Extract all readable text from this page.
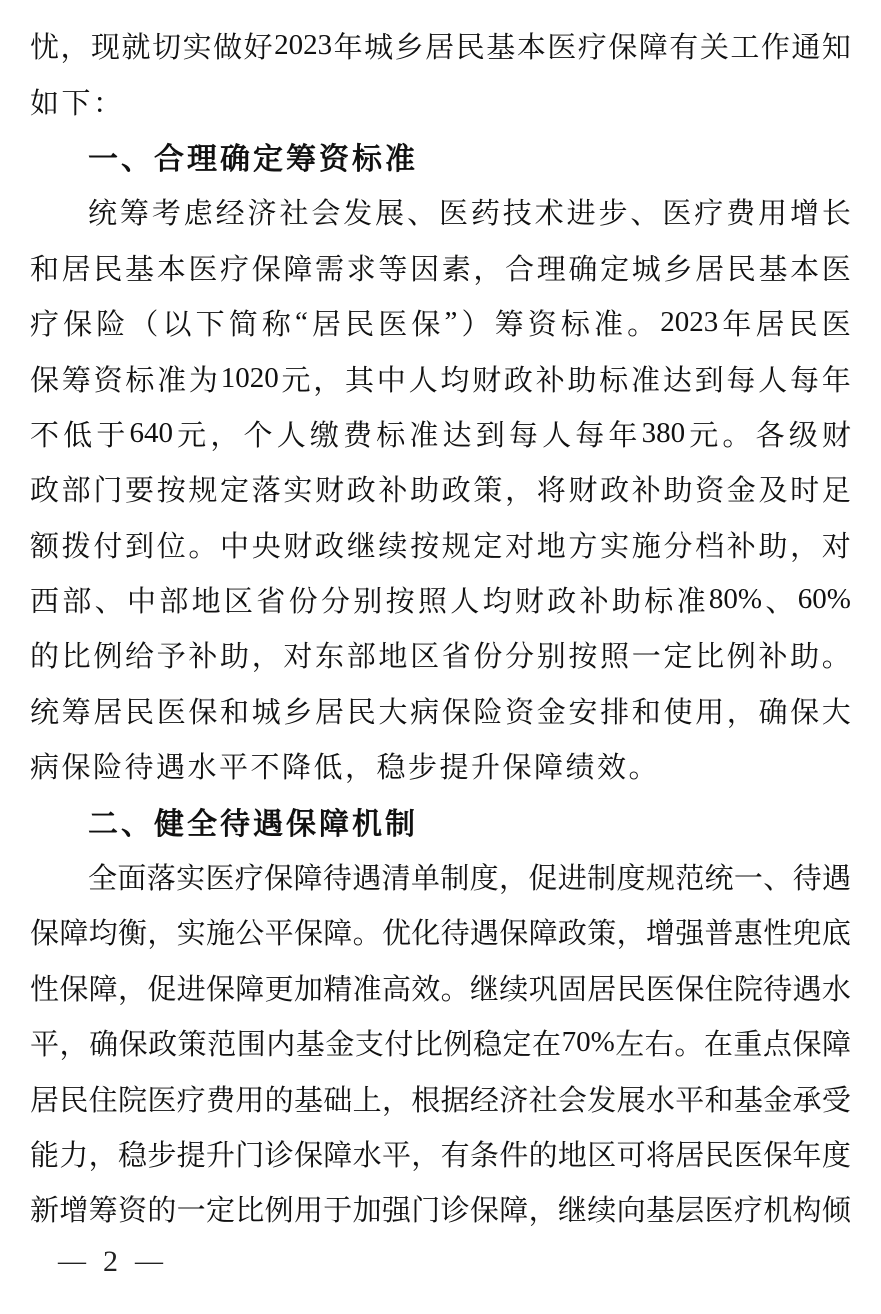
忧 ， 现 就 切 实 做 好 2023 年 城 乡 居 民 基 本 医 疗 保 障 有 关 工 作 通 知
如下：
一、合理确定筹资标准
统 筹 考 虑 经 济 社 会 发 展 、 医 药 技 术 进 步 、 医 疗 费 用 增 长
和 居 民 基 本 医 疗 保 障 需 求 等 因 素 ， 合 理 确 定 城 乡 居 民 基 本 医
疗 保 险 （ 以 下 简 称 “ 居 民 医 保 ” ） 筹 资 标 准 。 2023 年 居 民 医
保 筹 资 标 准 为 1020 元 ， 其 中 人 均 财 政 补 助 标 准 达 到 每 人 每 年
不 低 于 640 元 ， 个 人 缴 费 标 准 达 到 每 人 每 年 380 元 。 各 级 财
政 部 门 要 按 规 定 落 实 财 政 补 助 政 策 ， 将 财 政 补 助 资 金 及 时 足
额 拨 付 到 位 。 中 央 财 政 继 续 按 规 定 对 地 方 实 施 分 档 补 助 ， 对
西 部 、 中 部 地 区 省 份 分 别 按 照 人 均 财 政 补 助 标 准 80% 、 60%
的 比 例 给 予 补 助 ， 对 东 部 地 区 省 份 分 别 按 照 一 定 比 例 补 助 。
统 筹 居 民 医 保 和 城 乡 居 民 大 病 保 险 资 金 安 排 和 使 用 ， 确 保 大
病保险待遇水平不降低，稳步提升保障绩效。
二、健全待遇保障机制
全 面 落 实 医 疗 保 障 待 遇 清 单 制 度 ， 促 进 制 度 规 范 统 一 、 待 遇
保 障 均 衡 ， 实 施 公 平 保 障 。 优 化 待 遇 保 障 政 策 ， 增 强 普 惠 性 兜 底
性 保 障 ， 促 进 保 障 更 加 精 准 高 效 。 继 续 巩 固 居 民 医 保 住 院 待 遇 水
平 ， 确 保 政 策 范 围 内 基 金 支 付 比 例 稳 定 在 70% 左 右 。 在 重 点 保 障
居 民 住 院 医 疗 费 用 的 基 础 上 ， 根 据 经 济 社 会 发 展 水 平 和 基 金 承 受
能 力 ， 稳 步 提 升 门 诊 保 障 水 平 ， 有 条 件 的 地 区 可 将 居 民 医 保 年 度
新 增 筹 资 的 一 定 比 例 用 于 加 强 门 诊 保 障 ， 继 续 向 基 层 医 疗 机 构 倾
— 2 —
